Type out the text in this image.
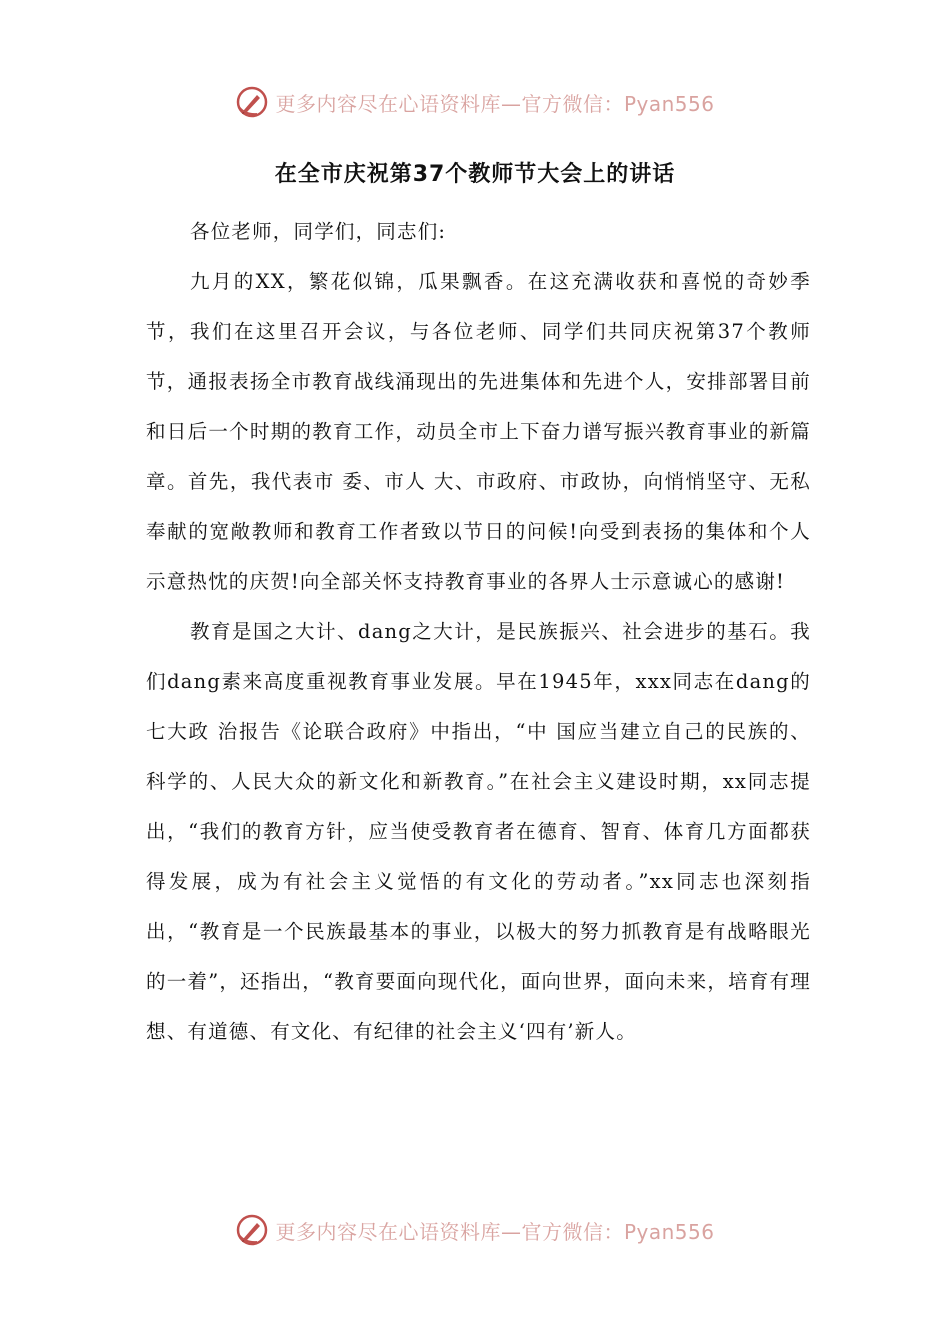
更多内容尽在心语资料库—官方微信：Pyan556
在全市庆祝第37个教师节大会上的讲话

各位老师，同学们，同志们:

九月的XX，繁花似锦，瓜果飘香。在这充满收获和喜悦的奇妙季节，我们在这里召开会议，与各位老师、同学们共同庆祝第37个教师节，通报表扬全市教育战线涌现出的先进集体和先进个人，安排部署目前和日后一个时期的教育工作，动员全市上下奋力谱写振兴教育事业的新篇章。首先，我代表市 委、市人 大、市政府、市政协，向悄悄坚守、无私奉献的宽敞教师和教育工作者致以节日的问候!向受到表扬的集体和个人示意热忱的庆贺!向全部关怀支持教育事业的各界人士示意诚心的感谢!

教育是国之大计、dang之大计，是民族振兴、社会进步的基石。我们dang素来高度重视教育事业发展。早在1945年，xxx同志在dang的七大政 治报告《论联合政府》中指出，“中 国应当建立自己的民族的、科学的、人民大众的新文化和新教育。”在社会主义建设时期，xx同志提出，“我们的教育方针，应当使受教育者在德育、智育、体育几方面都获得发展，成为有社会主义觉悟的有文化的劳动者。”xx同志也深刻指出，“教育是一个民族最基本的事业，以极大的努力抓教育是有战略眼光的一着”，还指出，“教育要面向现代化，面向世界，面向未来，培育有理想、有道德、有文化、有纪律的社会主义‘四有’新人。

更多内容尽在心语资料库—官方微信：Pyan556
